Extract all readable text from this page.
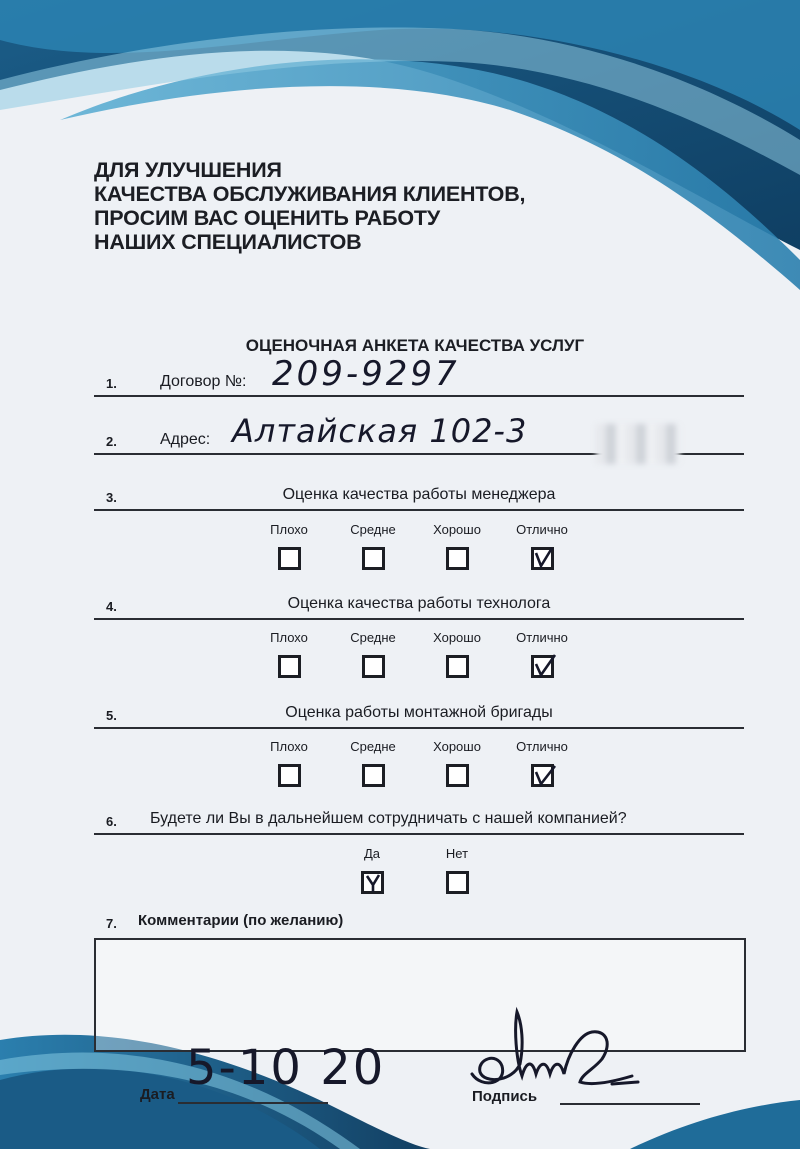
ДЛЯ УЛУЧШЕНИЯ
КАЧЕСТВА ОБСЛУЖИВАНИЯ КЛИЕНТОВ,
ПРОСИМ ВАС ОЦЕНИТЬ РАБОТУ
НАШИХ СПЕЦИАЛИСТОВ
ОЦЕНОЧНАЯ АНКЕТА КАЧЕСТВА УСЛУГ
1.	Договор №: 209-9297
2.	Адрес: Алтайская 102-3
3.	Оценка качества работы менеджера
Плохо	Средне	Хорошо	Отлично
4.	Оценка качества работы технолога
Плохо	Средне	Хорошо	Отлично
5.	Оценка работы монтажной бригады
Плохо	Средне	Хорошо	Отлично
6. Будете ли Вы в дальнейшем сотрудничать с нашей компанией?
Да	Нет
7. Комментарии (по желанию)
Дата 5-10 20
Подпись
